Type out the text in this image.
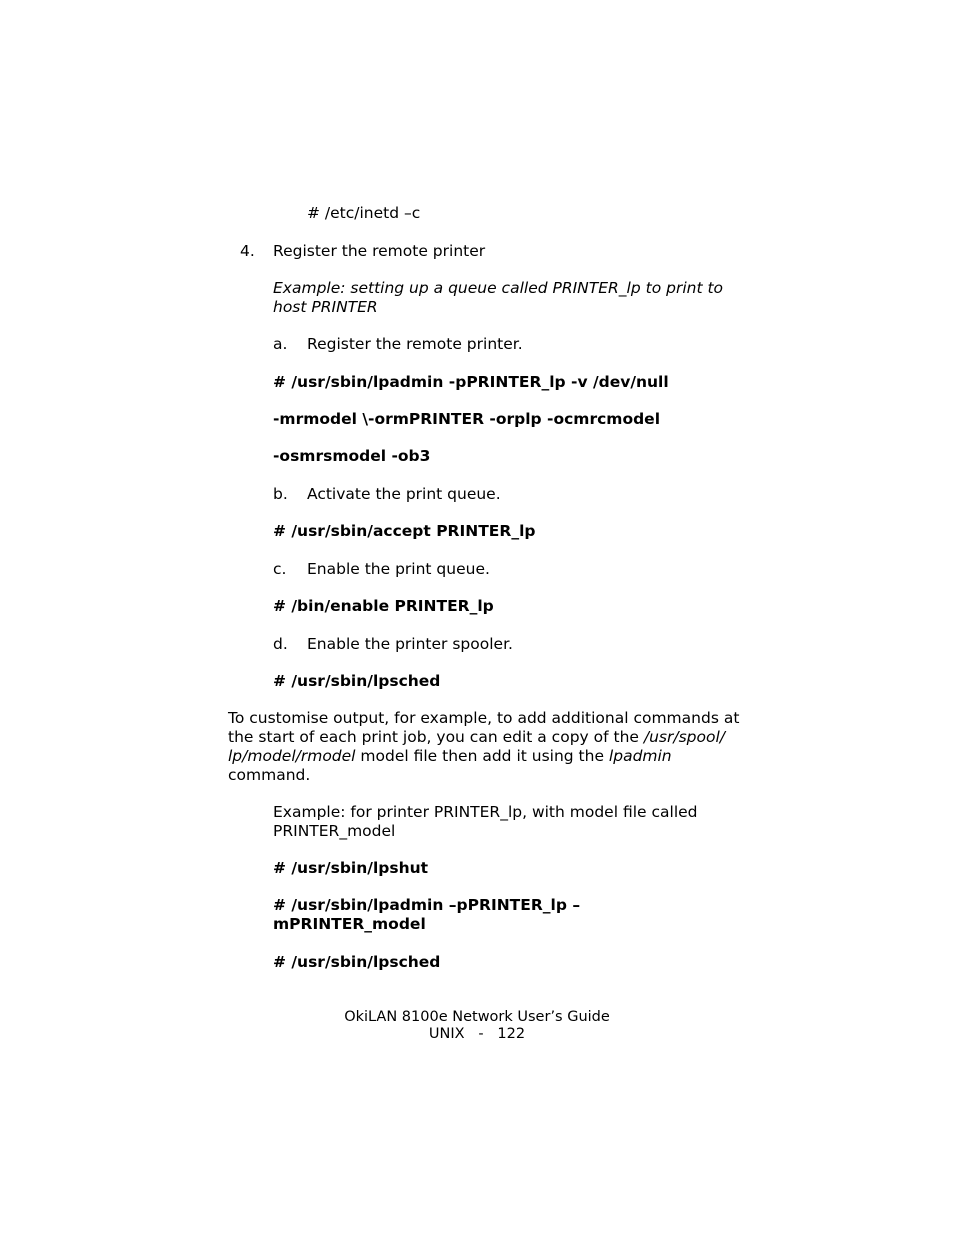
# /etc/inetd –c
4. Register the remote printer
Example: setting up a queue called PRINTER_lp to print to
host PRINTER
a. Register the remote printer.
# /usr/sbin/lpadmin -pPRINTER_lp -v /dev/null
-mrmodel \-ormPRINTER -orplp -ocmrcmodel
-osmrsmodel -ob3
b. Activate the print queue.
# /usr/sbin/accept PRINTER_lp
c. Enable the print queue.
# /bin/enable PRINTER_lp
d. Enable the printer spooler.
# /usr/sbin/lpsched
To customise output, for example, to add additional commands at
the start of each print job, you can edit a copy of the /usr/spool/
lp/model/rmodel model file then add it using the lpadmin
command.
Example: for printer PRINTER_lp, with model file called
PRINTER_model
# /usr/sbin/lpshut
# /usr/sbin/lpadmin –pPRINTER_lp –
mPRINTER_model
# /usr/sbin/lpsched
OkiLAN 8100e Network User’s Guide
UNIX   -   122
